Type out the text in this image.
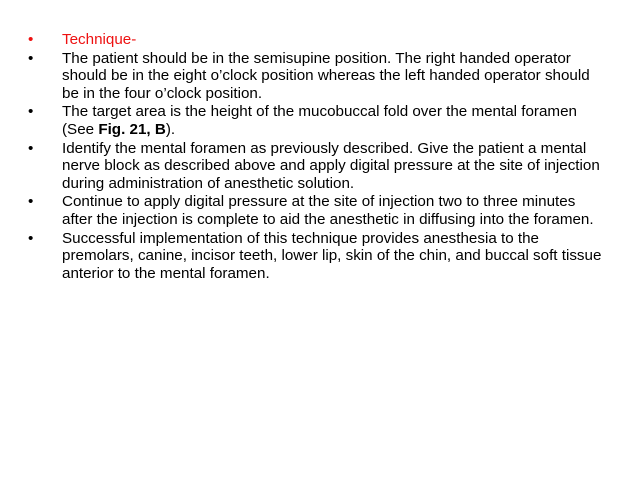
•	Technique-
•	The patient should be in the semisupine position. The right handed operator should be in the eight o’clock position whereas the left handed operator should be in the four o’clock position.
•	The target area is the height of the mucobuccal fold over the mental foramen (See Fig. 21, B).
•	Identify the mental foramen as previously described. Give the patient a mental nerve block as described above and apply digital pressure at the site of injection during administration of anesthetic solution.
•	Continue to apply digital pressure at the site of injection two to three minutes after the injection is complete to aid the anesthetic in diffusing into the foramen.
•	Successful implementation of this technique provides anesthesia to the premolars, canine, incisor teeth, lower lip, skin of the chin, and buccal soft tissue anterior to the mental foramen.
